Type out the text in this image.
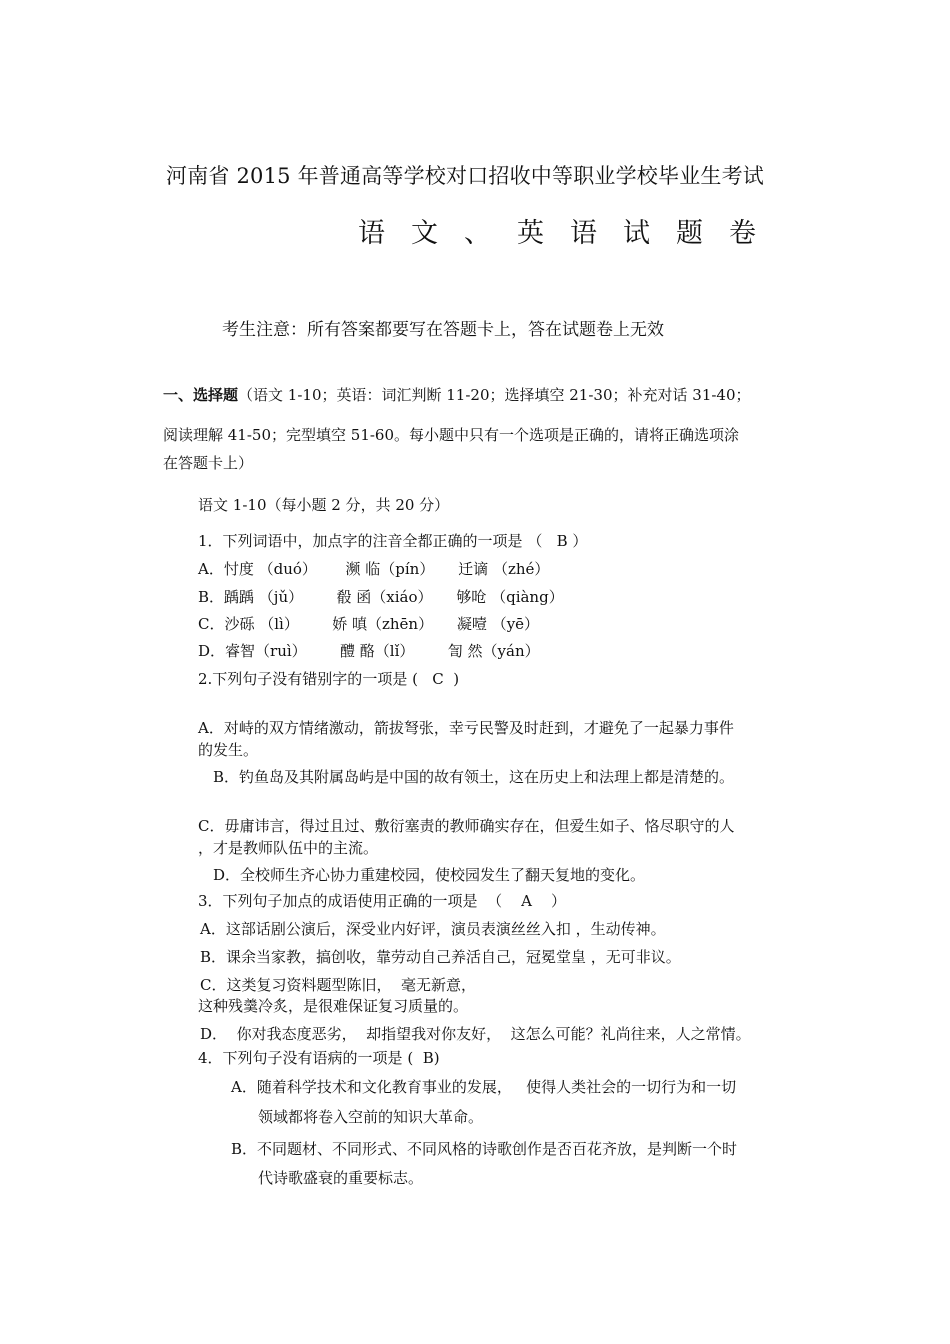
河南省 2015 年普通高等学校对口招收中等职业学校毕业生考试
语 文 、 英 语 试 题 卷
考生注意：所有答案都要写在答题卡上，答在试题卷上无效
一、选择题（语文 1-10；英语：词汇判断 11-20；选择填空 21-30；补充对话 31-40；
阅读理解 41-50；完型填空 51-60。每小题中只有一个选项是正确的，请将正确选项涂
在答题卡上）
语文 1-10（每小题 2 分，共 20 分）
1．下列词语中，加点字的注音全都正确的一项是 （   B ）
A．忖度 （duó）      濒 临（pín）     迁谪 （zhé）
B．踽踽 （jǔ）       殽 函（xiáo）     够呛 （qiàng）
C．沙砾 （lì）       娇 嗔（zhēn）     凝噎 （yē）
D．睿智（ruì）       醴 酪（lǐ）       訇 然（yán）
2.下列句子没有错别字的一项是 (   C  )
A．对峙的双方情绪激动，箭拔弩张，幸亏民警及时赶到，才避免了一起暴力事件
的发生。
B．钓鱼岛及其附属岛屿是中国的故有领土，这在历史上和法理上都是清楚的。
C．毋庸讳言，得过且过、敷衍塞责的教师确实存在，但爱生如子、恪尽职守的人
，才是教师队伍中的主流。
D．全校师生齐心协力重建校园，使校园发生了翻天复地的变化。
3．下列句子加点的成语使用正确的一项是  （    A    ）
A．这部话剧公演后，深受业内好评，演员表演丝丝入扣 ，生动传神。
B．课余当家教，搞创收，靠劳动自己养活自己，冠冕堂皇 ，无可非议。
C．这类复习资料题型陈旧，  毫无新意，
这种残羹冷炙，是很难保证复习质量的。
D．  你对我态度恶劣，  却指望我对你友好，  这怎么可能？礼尚往来，人之常情。
4．下列句子没有语病的一项是 (  B)
A．随着科学技术和文化教育事业的发展，   使得人类社会的一切行为和一切
领域都将卷入空前的知识大革命。
B．不同题材、不同形式、不同风格的诗歌创作是否百花齐放，是判断一个时
代诗歌盛衰的重要标志。
